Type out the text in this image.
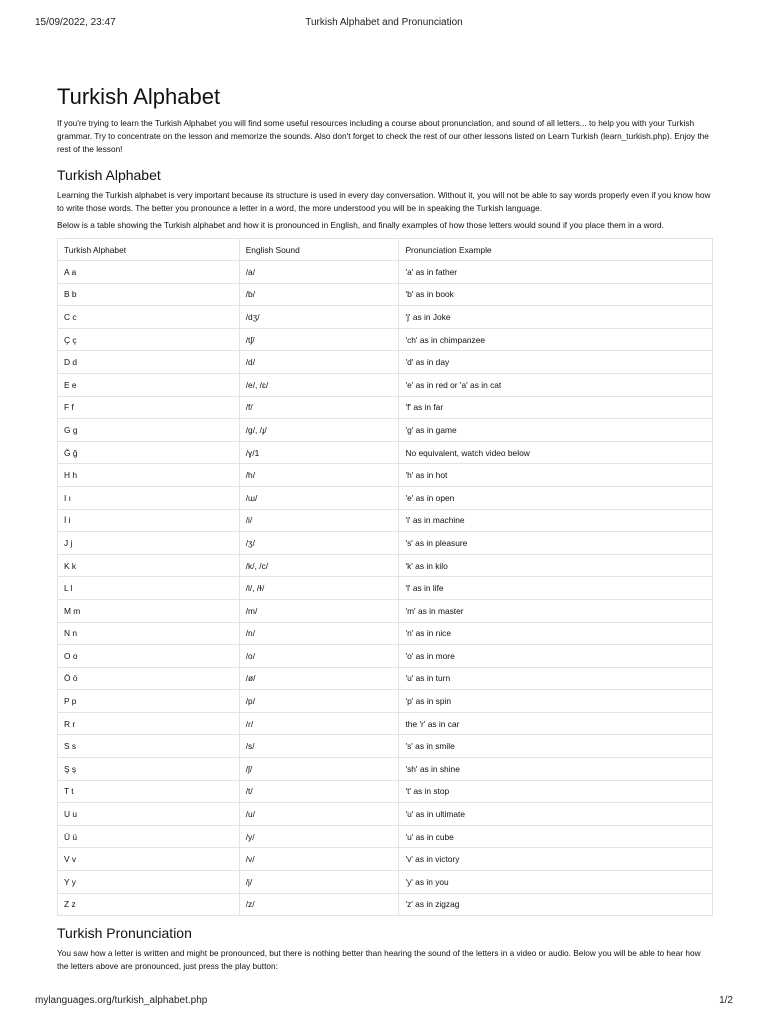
15/09/2022, 23:47	Turkish Alphabet and Pronunciation
Turkish Alphabet

If you're trying to learn the Turkish Alphabet you will find some useful resources including a course about pronunciation, and sound of all letters... to help you with your Turkish grammar. Try to concentrate on the lesson and memorize the sounds. Also don't forget to check the rest of our other lessons listed on Learn Turkish (learn_turkish.php). Enjoy the rest of the lesson!

Turkish Alphabet

Learning the Turkish alphabet is very important because its structure is used in every day conversation. Without it, you will not be able to say words properly even if you know how to write those words. The better you pronounce a letter in a word, the more understood you will be in speaking the Turkish language.

Below is a table showing the Turkish alphabet and how it is pronounced in English, and finally examples of how those letters would sound if you place them in a word.

Turkish Alphabet	English Sound	Pronunciation Example
A a	/a/	'a' as in father
B b	/b/	'b' as in book
C c	/dʒ/	'j' as in Joke
Ç ç	/tʃ/	'ch' as in chimpanzee
D d	/d/	'd' as in day
E e	/e/, /ɛ/	'e' as in red or 'a' as in cat
F f	/f/	'f' as in far
G g	/g/, /ɟ/	'g' as in game
Ğ ğ	/ɣ/1	No equivalent, watch video below
H h	/h/	'h' as in hot
I ı	/ɯ/	'e' as in open
İ i	/i/	'i' as in machine
J j	/ʒ/	's' as in pleasure
K k	/k/, /c/	'k' as in kilo
L l	/l/, /ɫ/	'l' as in life
M m	/m/	'm' as in master
N n	/n/	'n' as in nice
O o	/o/	'o' as in more
Ö ö	/ø/	'u' as in turn
P p	/p/	'p' as in spin
R r	/ɾ/	the 'r' as in car
S s	/s/	's' as in smile
Ş ş	/ʃ/	'sh' as in shine
T t	/t/	't' as in stop
U u	/u/	'u' as in ultimate
Ü ü	/y/	'u' as in cube
V v	/v/	'v' as in victory
Y y	/j/	'y' as in you
Z z	/z/	'z' as in zigzag
Turkish Pronunciation
You saw how a letter is written and might be pronounced, but there is nothing better than hearing the sound of the letters in a video or audio. Below you will be able to hear how the letters above are pronounced, just press the play button:
mylanguages.org/turkish_alphabet.php	1/2
